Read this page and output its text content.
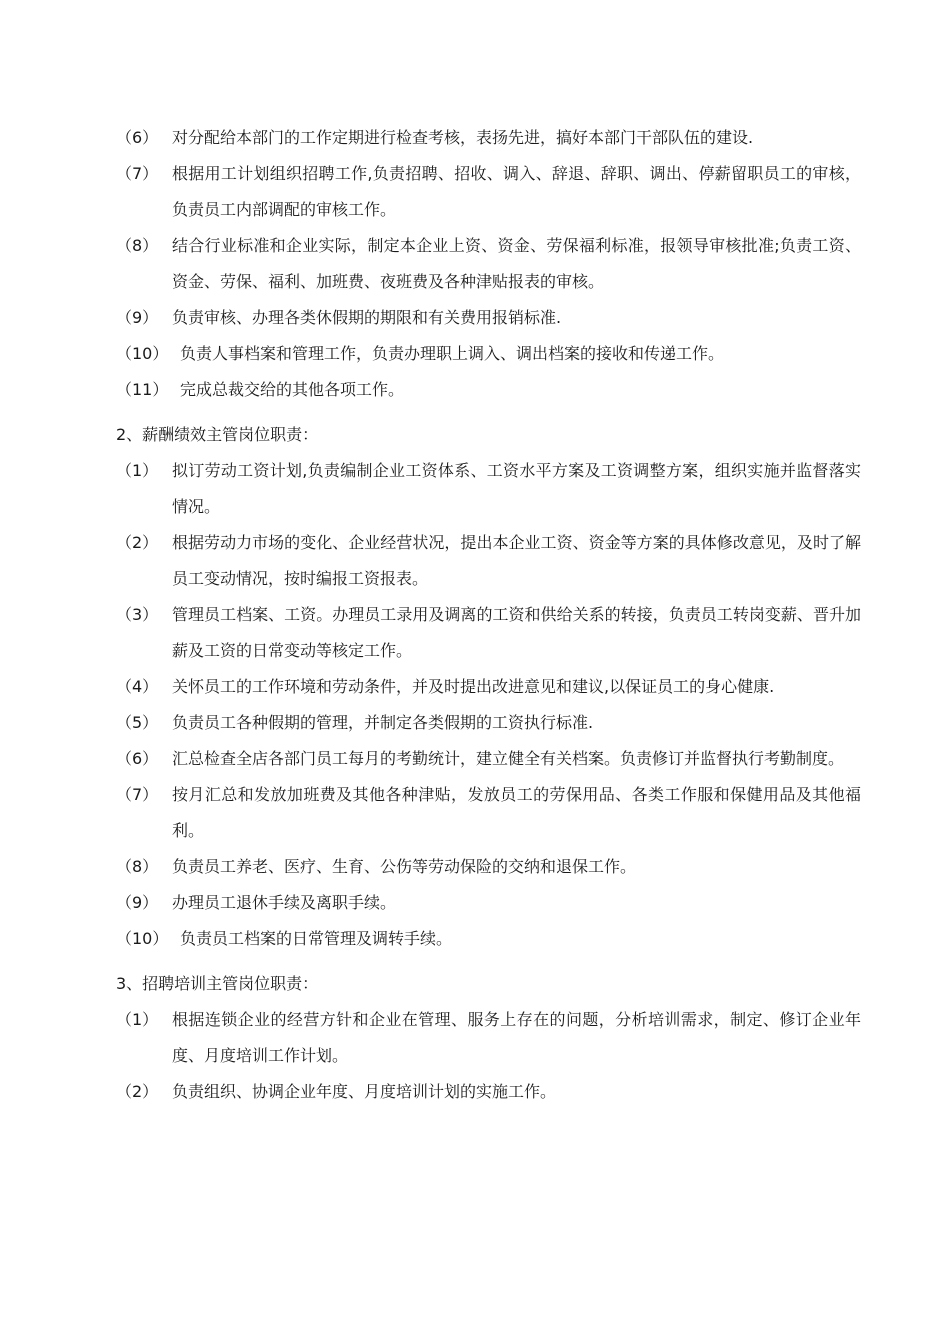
（6） 对分配给本部门的工作定期进行检查考核，表扬先进，搞好本部门干部队伍的建设.
（7） 根据用工计划组织招聘工作,负责招聘、招收、调入、辞退、辞职、调出、停薪留职员工的审核，负责员工内部调配的审核工作。
（8） 结合行业标准和企业实际，制定本企业上资、资金、劳保福利标准，报领导审核批准;负责工资、资金、劳保、福利、加班费、夜班费及各种津贴报表的审核。
（9） 负责审核、办理各类休假期的期限和有关费用报销标准.
（10） 负责人事档案和管理工作，负责办理职上调入、调出档案的接收和传递工作。
（11） 完成总裁交给的其他各项工作。
2、薪酬绩效主管岗位职责：
（1） 拟订劳动工资计划,负责编制企业工资体系、工资水平方案及工资调整方案，组织实施并监督落实情况。
（2） 根据劳动力市场的变化、企业经营状况，提出本企业工资、资金等方案的具体修改意见，及时了解员工变动情况，按时编报工资报表。
（3） 管理员工档案、工资。办理员工录用及调离的工资和供给关系的转接，负责员工转岗变薪、晋升加薪及工资的日常变动等核定工作。
（4） 关怀员工的工作环境和劳动条件，并及时提出改进意见和建议,以保证员工的身心健康.
（5） 负责员工各种假期的管理，并制定各类假期的工资执行标准.
（6） 汇总检查全店各部门员工每月的考勤统计，建立健全有关档案。负责修订并监督执行考勤制度。
（7） 按月汇总和发放加班费及其他各种津贴，发放员工的劳保用品、各类工作服和保健用品及其他福利。
（8） 负责员工养老、医疗、生育、公伤等劳动保险的交纳和退保工作。
（9） 办理员工退休手续及离职手续。
（10） 负责员工档案的日常管理及调转手续。
3、招聘培训主管岗位职责：
（1） 根据连锁企业的经营方针和企业在管理、服务上存在的问题，分析培训需求，制定、修订企业年度、月度培训工作计划。
（2） 负责组织、协调企业年度、月度培训计划的实施工作。
